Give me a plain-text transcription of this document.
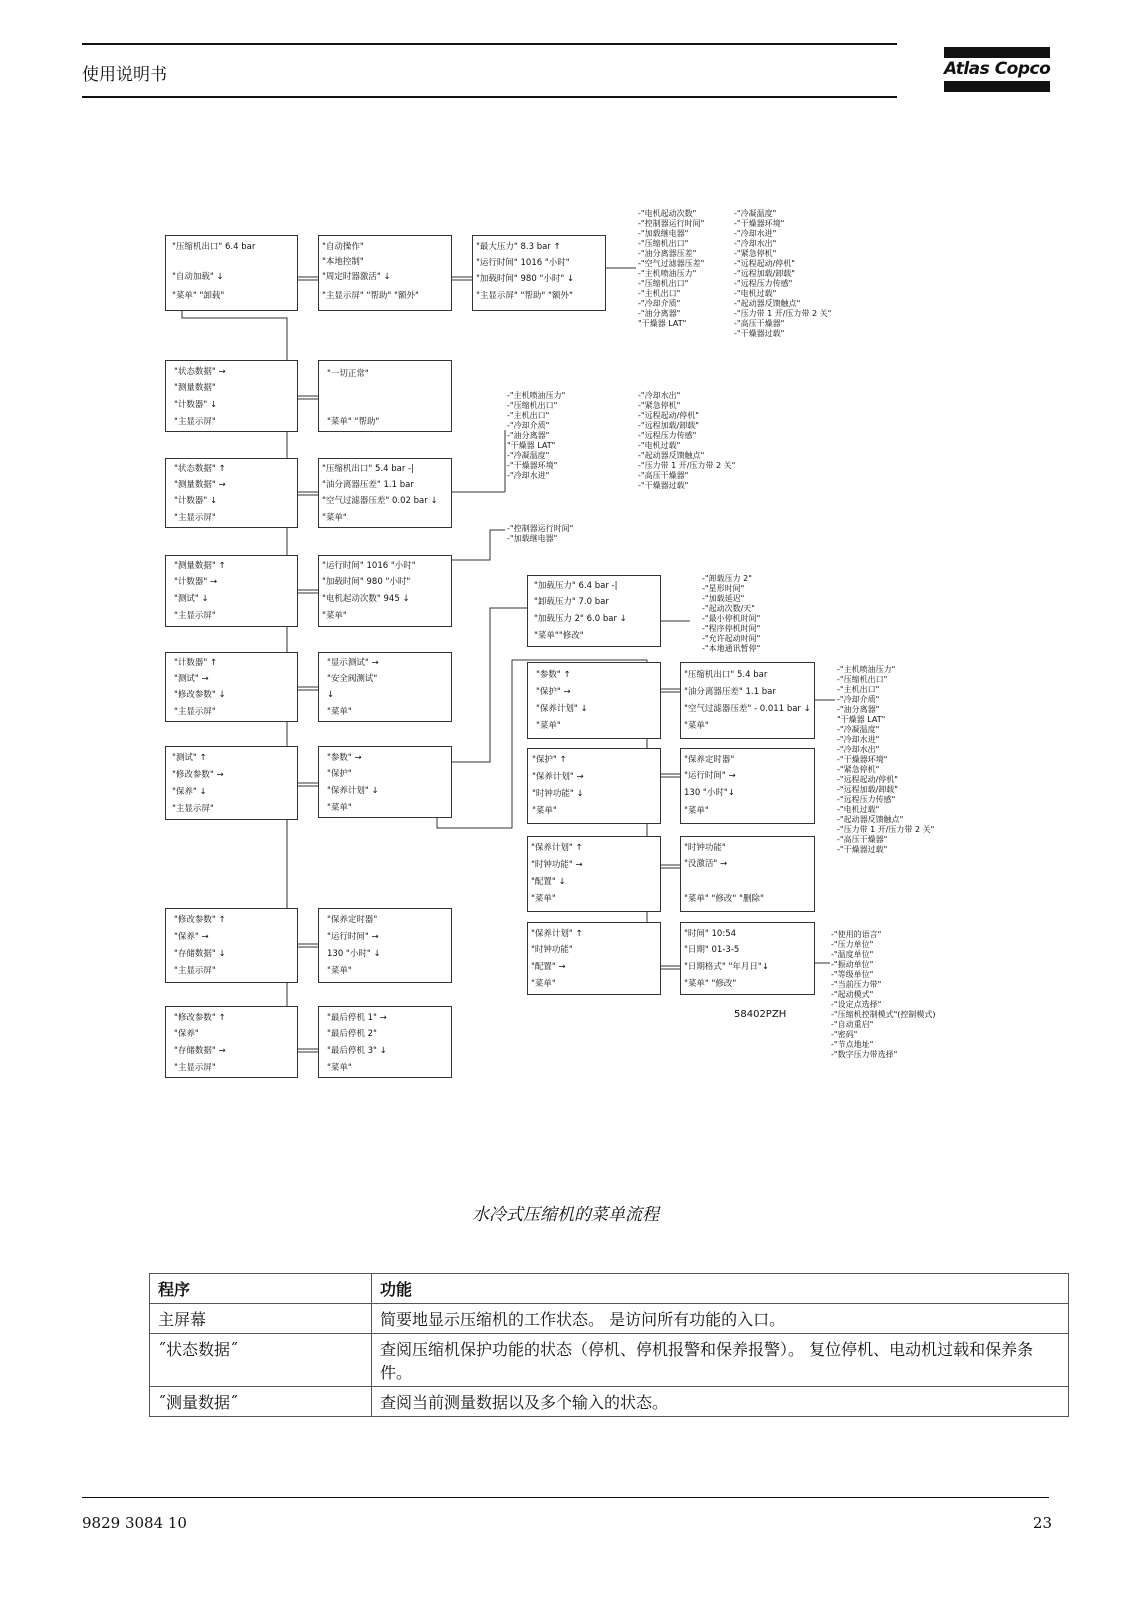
使用说明书	Atlas Copco
"压缩机出口" 6.4 bar
"自动加载" ↓
"菜单" "卸载"
"自动操作"
"本地控制"
"周定时器激活" ↓
"主显示屏" "帮助" "额外"
"最大压力" 8.3 bar ↑
"运行时间" 1016 "小时"
"加载时间" 980 "小时" ↓
"主显示屏" "帮助" "额外"
"状态数据" →
"测量数据"
"计数器" ↓
"主显示屏"
"一切正常"
"菜单" "帮助"
"状态数据" ↑
"测量数据" →
"计数器" ↓
"主显示屏"
"压缩机出口" 5.4 bar -|
"油分离器压差" 1.1 bar
"空气过滤器压差" 0.02 bar ↓
"菜单"
"测量数据" ↑
"计数器" →
"测试" ↓
"主显示屏"
"运行时间" 1016 "小时"
"加载时间" 980 "小时"
"电机起动次数" 945 ↓
"菜单"
"计数器" ↑
"测试" →
"修改参数" ↓
"主显示屏"
"显示测试" →
"安全阀测试"
↓
"菜单"
"测试" ↑
"修改参数" →
"保养" ↓
"主显示屏"
"参数" →
"保护"
"保养计划" ↓
"菜单"
"修改参数" ↑
"保养" →
"存储数据" ↓
"主显示屏"
"保养定时器"
"运行时间" →
130 "小时" ↓
"菜单"
"修改参数" ↑
"保养"
"存储数据" →
"主显示屏"
"最后停机 1" →
"最后停机 2"
"最后停机 3" ↓
"菜单"
"加载压力" 6.4 bar -|
"卸载压力" 7.0 bar
"加载压力 2" 6.0 bar ↓
"菜单""修改"
"参数" ↑
"保护" →
"保养计划" ↓
"菜单"
"压缩机出口" 5.4 bar
"油分离器压差" 1.1 bar
"空气过滤器压差" - 0.011 bar ↓
"菜单"
"保护" ↑
"保养计划" →
"时钟功能" ↓
"菜单"
"保养定时器"
"运行时间" →
130 "小时"↓
"菜单"
"保养计划" ↑
"时钟功能" →
"配置" ↓
"菜单"
"时钟功能"
"没激活" →
"菜单" "修改" "删除"
"保养计划" ↑
"时钟功能"
"配置" →
"菜单"
"时间" 10:54
"日期" 01-3-5
"日期格式" "年月日"↓
"菜单" "修改"
-"电机起动次数"
-"控制器运行时间"
-"加载继电器"
-"压缩机出口"
-"油分离器压差"
-"空气过滤器压差"
-"主机喷油压力"
-"压缩机出口"
-"主机出口"
-"冷却介质"
-"油分离器"
"干燥器 LAT"
-"冷凝温度"
-"干燥器环境"
-"冷却水进"
-"冷却水出"
-"紧急停机"
-"远程起动/停机"
-"远程加载/卸载"
-"远程压力传感"
-"电机过载"
-"起动器反馈触点"
-"压力带 1 开/压力带 2 关"
-"高压干燥器"
-"干燥器过载"
-"主机喷油压力"
-"压缩机出口"
-"主机出口"
-"冷却介质"
-"油分离器"
"干燥器 LAT"
-"冷凝温度"
-"干燥器环境"
-"冷却水进"
-"冷却水出"
-"紧急停机"
-"远程起动/停机"
-"远程加载/卸载"
-"远程压力传感"
-"电机过载"
-"起动器反馈触点"
-"压力带 1 开/压力带 2 关"
-"高压干燥器"
-"干燥器过载"
-"控制器运行时间"
-"加载继电器"
-"卸载压力 2"
-"星形时间"
-"加载延迟"
-"起动次数/天"
-"最小停机时间"
-"程序停机时间"
-"允许起动时间"
-"本地通讯暂停"
-"主机喷油压力"
-"压缩机出口"
-"主机出口"
-"冷却介质"
-"油分离器"
"干燥器 LAT"
-"冷凝温度"
-"冷却水进"
-"冷却水出"
-"干燥器环境"
-"紧急停机"
-"远程起动/停机"
-"远程加载/卸载"
-"远程压力传感"
-"电机过载"
-"起动器反馈触点"
-"压力带 1 开/压力带 2 关"
-"高压干燥器"
-"干燥器过载"
-"使用的语言"
-"压力单位"
-"温度单位"
-"振动单位"
-"等级单位"
-"当前压力带"
-"起动模式"
-"设定点选择"
-"压缩机控制模式"(控制模式)
-"自动重启"
-"密码"
-"节点地址"
-"数字压力带选择"
58402PZH
水冷式压缩机的菜单流程
程序	功能
主屏幕	简要地显示压缩机的工作状态。 是访问所有功能的入口。
˝状态数据˝	查阅压缩机保护功能的状态（停机、停机报警和保养报警）。 复位停机、电动机过载和保养条件。
˝测量数据˝	查阅当前测量数据以及多个输入的状态。
9829 3084 10	23
